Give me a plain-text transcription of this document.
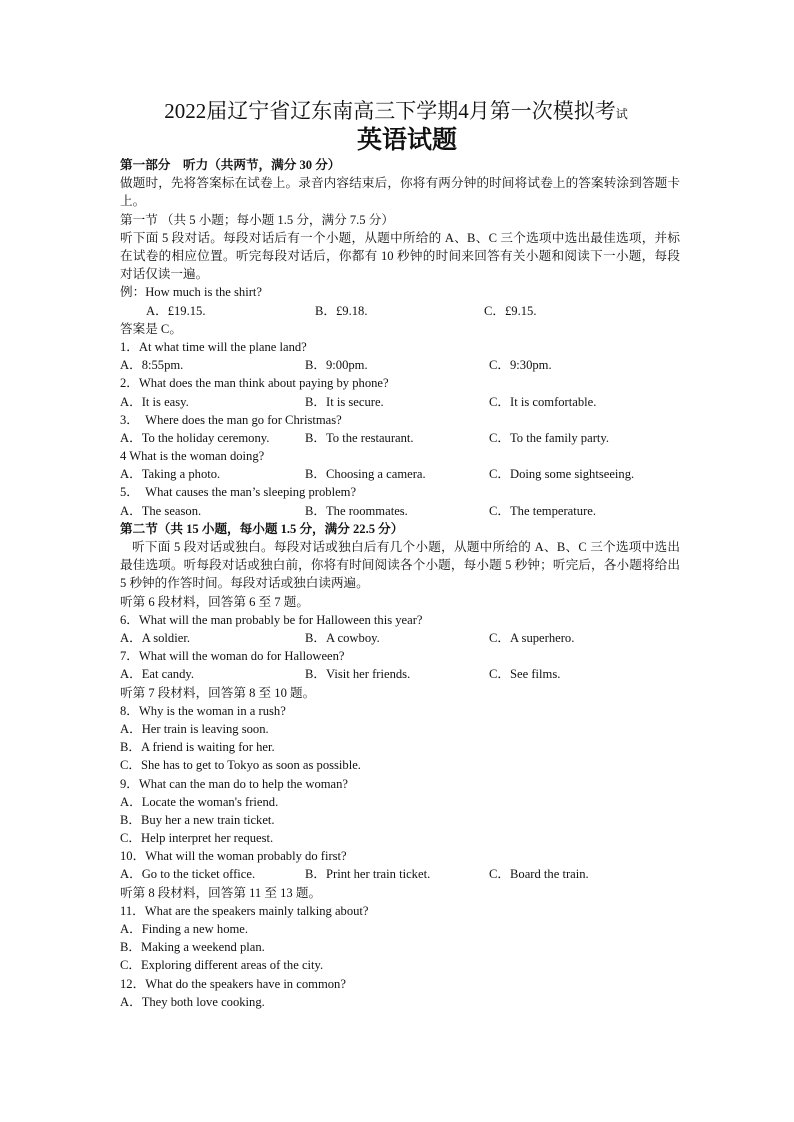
2022届辽宁省辽东南高三下学期4月第一次模拟考试
英语试题
第一部分　听力（共两节，满分 30 分）
做题时，先将答案标在试卷上。录音内容结束后，你将有两分钟的时间将试卷上的答案转涂到答题卡上。
第一节 （共 5 小题；每小题 1.5 分，满分 7.5 分）
听下面 5 段对话。每段对话后有一个小题，从题中所给的 A、B、C 三个选项中选出最佳选项，并标在试卷的相应位置。听完每段对话后，你都有 10 秒钟的时间来回答有关小题和阅读下一小题，每段对话仅读一遍。
例：How much is the shirt?
A．£19.15.	B．£9.18.	C．£9.15.
答案是 C。
1．At what time will the plane land?
A．8:55pm.	B．9:00pm.	C．9:30pm.
2．What does the man think about paying by phone?
A．It is easy.	B．It is secure.	C．It is comfortable.
3．　Where does the man go for Christmas?
A．To the holiday ceremony.	B．To the restaurant.	C．To the family party.
4 What is the woman doing?
A．Taking a photo.	B．Choosing a camera.	C．Doing some sightseeing.
5．　What causes the man’s sleeping problem?
A．The season.	B．The roommates.	C．The temperature.
第二节（共 15 小题，每小题 1.5 分，满分 22.5 分）
听下面 5 段对话或独白。每段对话或独白后有几个小题，从题中所给的 A、B、C 三个选项中选出最佳选项。听每段对话或独白前，你将有时间阅读各个小题，每小题 5 秒钟；听完后，各小题将给出 5 秒钟的作答时间。每段对话或独白读两遍。
听第 6 段材料，回答第 6 至 7 题。
6．What will the man probably be for Halloween this year?
A．A soldier.	B．A cowboy.	C．A superhero.
7．What will the woman do for Halloween?
A．Eat candy.	B．Visit her friends.	C．See films.
听第 7 段材料，回答第 8 至 10 题。
8．Why is the woman in a rush?
A．Her train is leaving soon.
B．A friend is waiting for her.
C．She has to get to Tokyo as soon as possible.
9．What can the man do to help the woman?
A．Locate the woman's friend.
B．Buy her a new train ticket.
C．Help interpret her request.
10．What will the woman probably do first?
A．Go to the ticket office.	B．Print her train ticket.	C．Board the train.
听第 8 段材料，回答第 11 至 13 题。
11．What are the speakers mainly talking about?
A．Finding a new home.
B．Making a weekend plan.
C．Exploring different areas of the city.
12．What do the speakers have in common?
A．They both love cooking.
